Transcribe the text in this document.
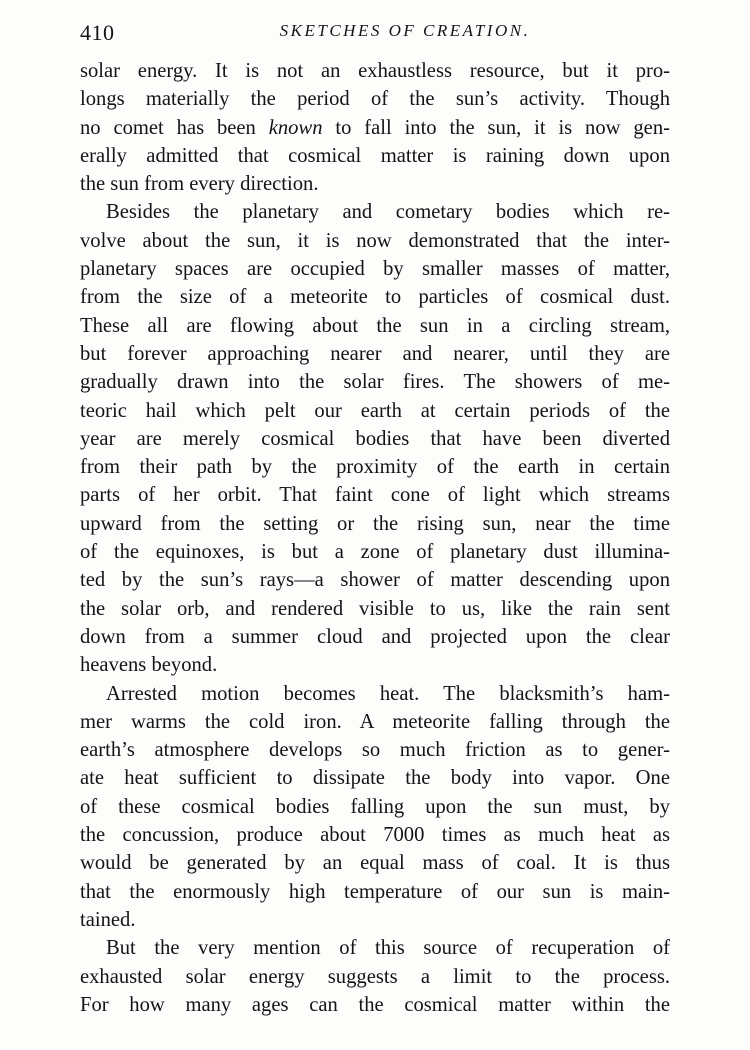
410	SKETCHES OF CREATION.
solar energy. It is not an exhaustless resource, but it pro-
longs materially the period of the sun’s activity. Though
no comet has been known to fall into the sun, it is now gen-
erally admitted that cosmical matter is raining down upon
the sun from every direction.
Besides the planetary and cometary bodies which re-
volve about the sun, it is now demonstrated that the inter-
planetary spaces are occupied by smaller masses of matter,
from the size of a meteorite to particles of cosmical dust.
These all are flowing about the sun in a circling stream,
but forever approaching nearer and nearer, until they are
gradually drawn into the solar fires. The showers of me-
teoric hail which pelt our earth at certain periods of the
year are merely cosmical bodies that have been diverted
from their path by the proximity of the earth in certain
parts of her orbit. That faint cone of light which streams
upward from the setting or the rising sun, near the time
of the equinoxes, is but a zone of planetary dust illumina-
ted by the sun’s rays—a shower of matter descending upon
the solar orb, and rendered visible to us, like the rain sent
down from a summer cloud and projected upon the clear
heavens beyond.
Arrested motion becomes heat. The blacksmith’s ham-
mer warms the cold iron. A meteorite falling through the
earth’s atmosphere develops so much friction as to gener-
ate heat sufficient to dissipate the body into vapor. One
of these cosmical bodies falling upon the sun must, by
the concussion, produce about 7000 times as much heat as
would be generated by an equal mass of coal. It is thus
that the enormously high temperature of our sun is main-
tained.
But the very mention of this source of recuperation of
exhausted solar energy suggests a limit to the process.
For how many ages can the cosmical matter within the
